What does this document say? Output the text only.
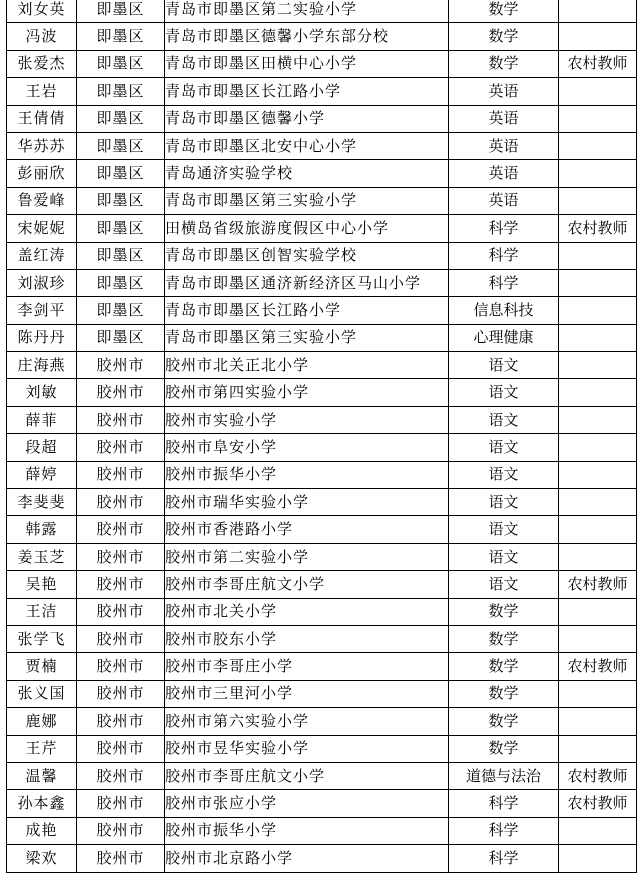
刘女英	即墨区	青岛市即墨区第二实验小学	数学	
冯波	即墨区	青岛市即墨区德馨小学东部分校	数学	
张爱杰	即墨区	青岛市即墨区田横中心小学	数学	农村教师
王岩	即墨区	青岛市即墨区长江路小学	英语	
王倩倩	即墨区	青岛市即墨区德馨小学	英语	
华苏苏	即墨区	青岛市即墨区北安中心小学	英语	
彭丽欣	即墨区	青岛通济实验学校	英语	
鲁爱峰	即墨区	青岛市即墨区第三实验小学	英语	
宋妮妮	即墨区	田横岛省级旅游度假区中心小学	科学	农村教师
盖红涛	即墨区	青岛市即墨区创智实验学校	科学	
刘淑珍	即墨区	青岛市即墨区通济新经济区马山小学	科学	
李剑平	即墨区	青岛市即墨区长江路小学	信息科技	
陈丹丹	即墨区	青岛市即墨区第三实验小学	心理健康	
庄海燕	胶州市	胶州市北关正北小学	语文	
刘敏	胶州市	胶州市第四实验小学	语文	
薛菲	胶州市	胶州市实验小学	语文	
段超	胶州市	胶州市阜安小学	语文	
薛婷	胶州市	胶州市振华小学	语文	
李斐斐	胶州市	胶州市瑞华实验小学	语文	
韩露	胶州市	胶州市香港路小学	语文	
姜玉芝	胶州市	胶州市第二实验小学	语文	
吴艳	胶州市	胶州市李哥庄航文小学	语文	农村教师
王洁	胶州市	胶州市北关小学	数学	
张学飞	胶州市	胶州市胶东小学	数学	
贾楠	胶州市	胶州市李哥庄小学	数学	农村教师
张义国	胶州市	胶州市三里河小学	数学	
鹿娜	胶州市	胶州市第六实验小学	数学	
王芹	胶州市	胶州市昱华实验小学	数学	
温馨	胶州市	胶州市李哥庄航文小学	道德与法治	农村教师
孙本鑫	胶州市	胶州市张应小学	科学	农村教师
成艳	胶州市	胶州市振华小学	科学	
梁欢	胶州市	胶州市北京路小学	科学	
